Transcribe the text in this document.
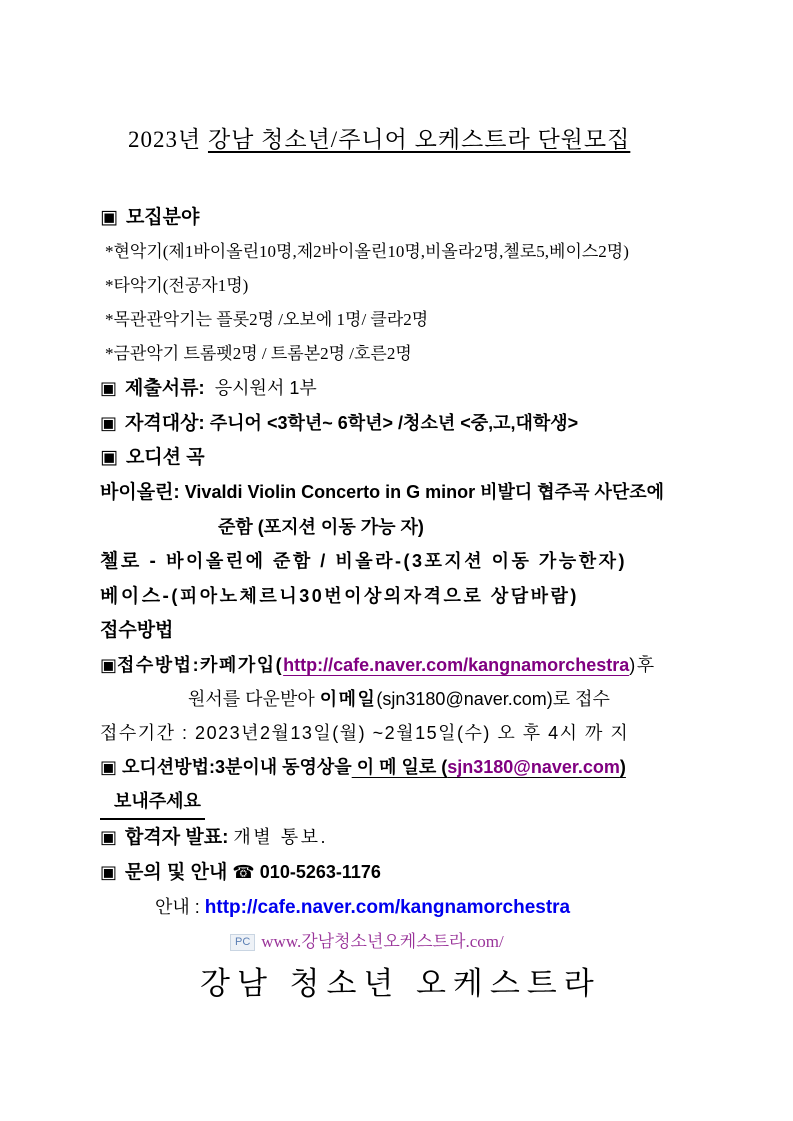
2023년 강남 청소년/주니어 오케스트라 단원모집

▣ 모집분야

*현악기(제1바이올린10명,제2바이올린10명,비올라2명,첼로5,베이스2명)

*타악기(전공자1명)

*목관관악기는 플롯2명 /오보에 1명/ 클라2명

*금관악기 트롬펫2명 / 트롬본2명 /호른2명

▣ 제출서류: 응시원서 1부

▣ 자격대상: 주니어 <3학년~ 6학년> /청소년 <중,고,대학생>

▣ 오디션 곡

바이올린: Vivaldi Violin Concerto in G minor 비발디 협주곡 사단조에

준함 (포지션 이동 가능 자)

첼로 - 바이올린에 준함 / 비올라-(3포지션 이동 가능한자)

베이스-(피아노체르니30번이상의자격으로 상담바람)

접수방법

▣접수방법:카페가입(http://cafe.naver.com/kangnamorchestra)후

원서를 다운받아 이메일(sjn3180@naver.com)로 접수

접수기간 : 2023년2월13일(월) ~2월15일(수) 오 후 4시 까 지

▣ 오디션방법:3분이내 동영상을 이 메 일로 (sjn3180@naver.com)

보내주세요

▣ 합격자 발표: 개별 통보.

▣ 문의 및 안내 ☎ 010-5263-1176

안내 : http://cafe.naver.com/kangnamorchestra

PC www.강남청소년오케스트라.com/

강남 청소년 오케스트라
